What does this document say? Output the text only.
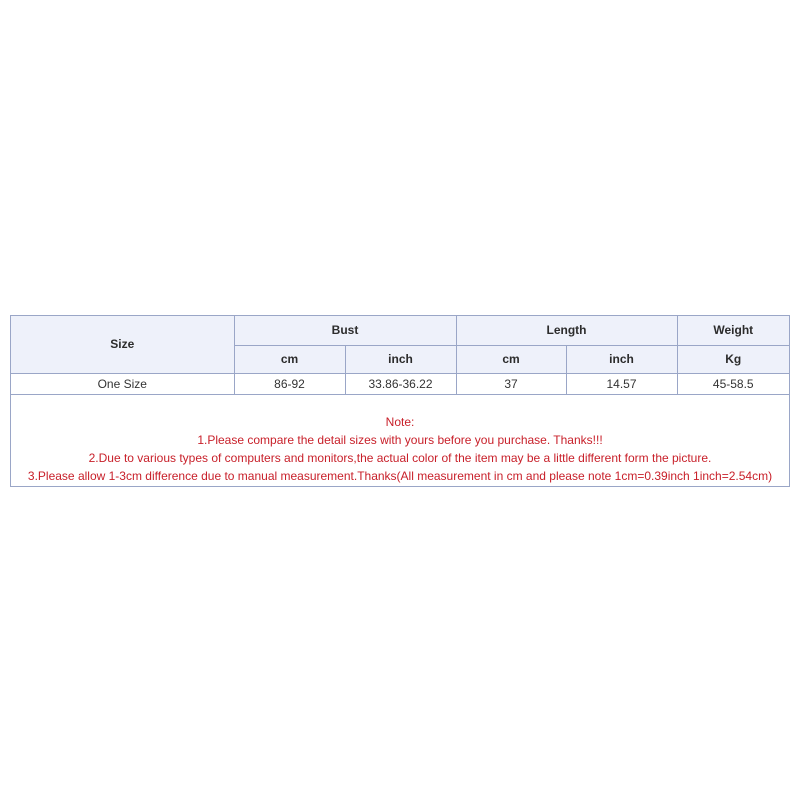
Size	Bust		Length		Weight
	cm	inch	cm	inch	Kg
One Size	86-92	33.86-36.22	37	14.57	45-58.5
Note:
1.Please compare the detail sizes with yours before you purchase. Thanks!!!
2.Due to various types of computers and monitors,the actual color of the item may be a little different form the picture.
3.Please allow 1-3cm difference due to manual measurement.Thanks(All measurement in cm and please note 1cm=0.39inch 1inch=2.54cm)
